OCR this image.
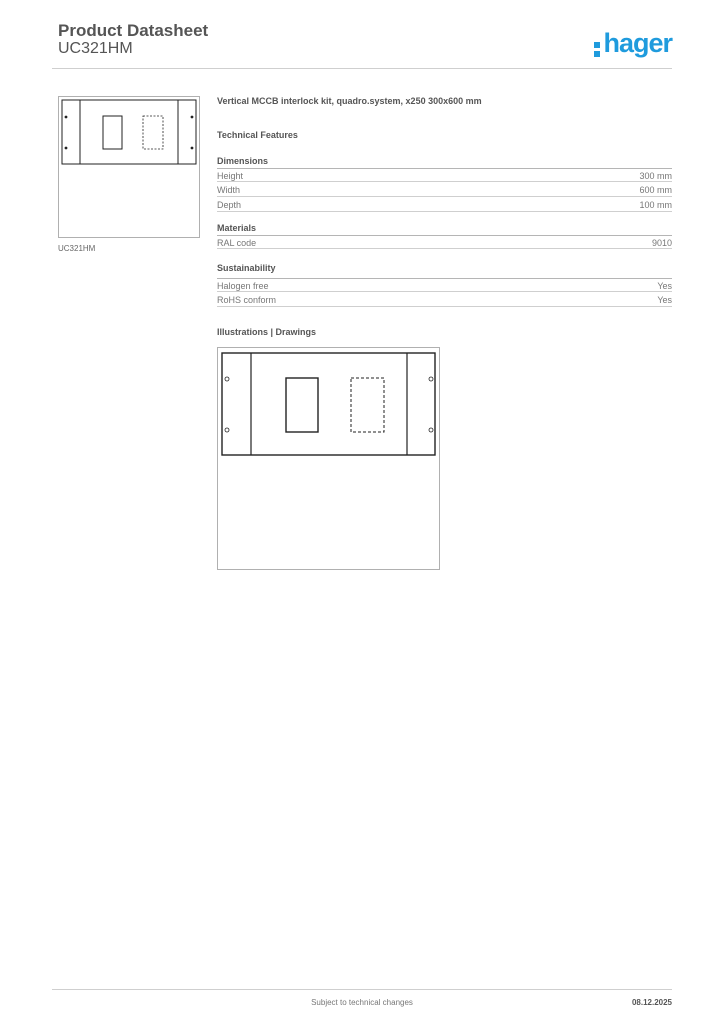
Product Datasheet
UC321HM	hager
UC321HM
Vertical MCCB interlock kit, quadro.system, x250 300x600 mm
Technical Features
Dimensions
Height	300 mm
Width	600 mm
Depth	100 mm
Materials
RAL code	9010
Sustainability
Halogen free	Yes
RoHS conform	Yes
Illustrations | Drawings
Subject to technical changes	08.12.2025
